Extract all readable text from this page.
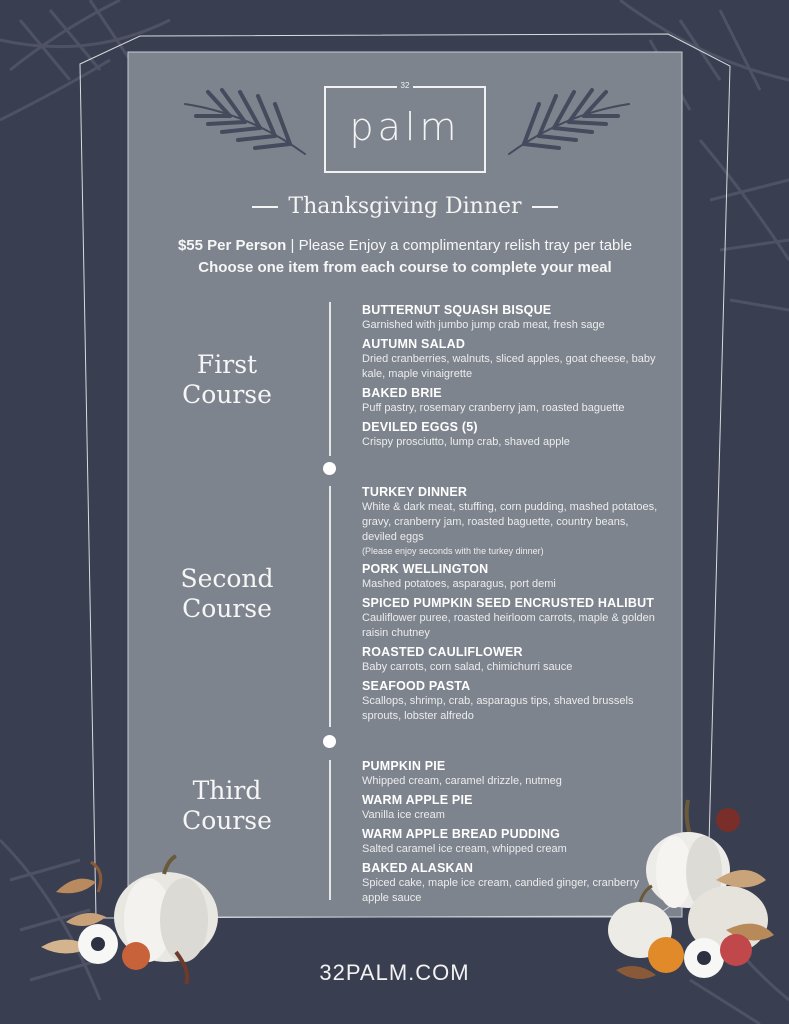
32
palm
Thanksgiving Dinner
$55 Per Person | Please Enjoy a complimentary relish tray per table
Choose one item from each course to complete your meal
First
Course
BUTTERNUT SQUASH BISQUE
Garnished with jumbo jump crab meat, fresh sage
AUTUMN SALAD
Dried cranberries, walnuts, sliced apples, goat cheese, baby kale, maple vinaigrette
BAKED BRIE
Puff pastry, rosemary cranberry jam, roasted baguette
DEVILED EGGS (5)
Crispy prosciutto, lump crab, shaved apple
Second
Course
TURKEY DINNER
White & dark meat, stuffing, corn pudding, mashed potatoes, gravy, cranberry jam, roasted baguette, country beans, deviled eggs
(Please enjoy seconds with the turkey dinner)
PORK WELLINGTON
Mashed potatoes, asparagus, port demi
SPICED PUMPKIN SEED ENCRUSTED HALIBUT
Cauliflower puree, roasted heirloom carrots, maple & golden raisin chutney
ROASTED CAULIFLOWER
Baby carrots, corn salad, chimichurri sauce
SEAFOOD PASTA
Scallops, shrimp, crab, asparagus tips, shaved brussels sprouts, lobster alfredo
Third
Course
PUMPKIN PIE
Whipped cream, caramel drizzle, nutmeg
WARM APPLE PIE
Vanilla ice cream
WARM APPLE BREAD PUDDING
Salted caramel ice cream, whipped cream
BAKED ALASKAN
Spiced cake, maple ice cream, candied ginger, cranberry apple sauce
32PALM.COM
